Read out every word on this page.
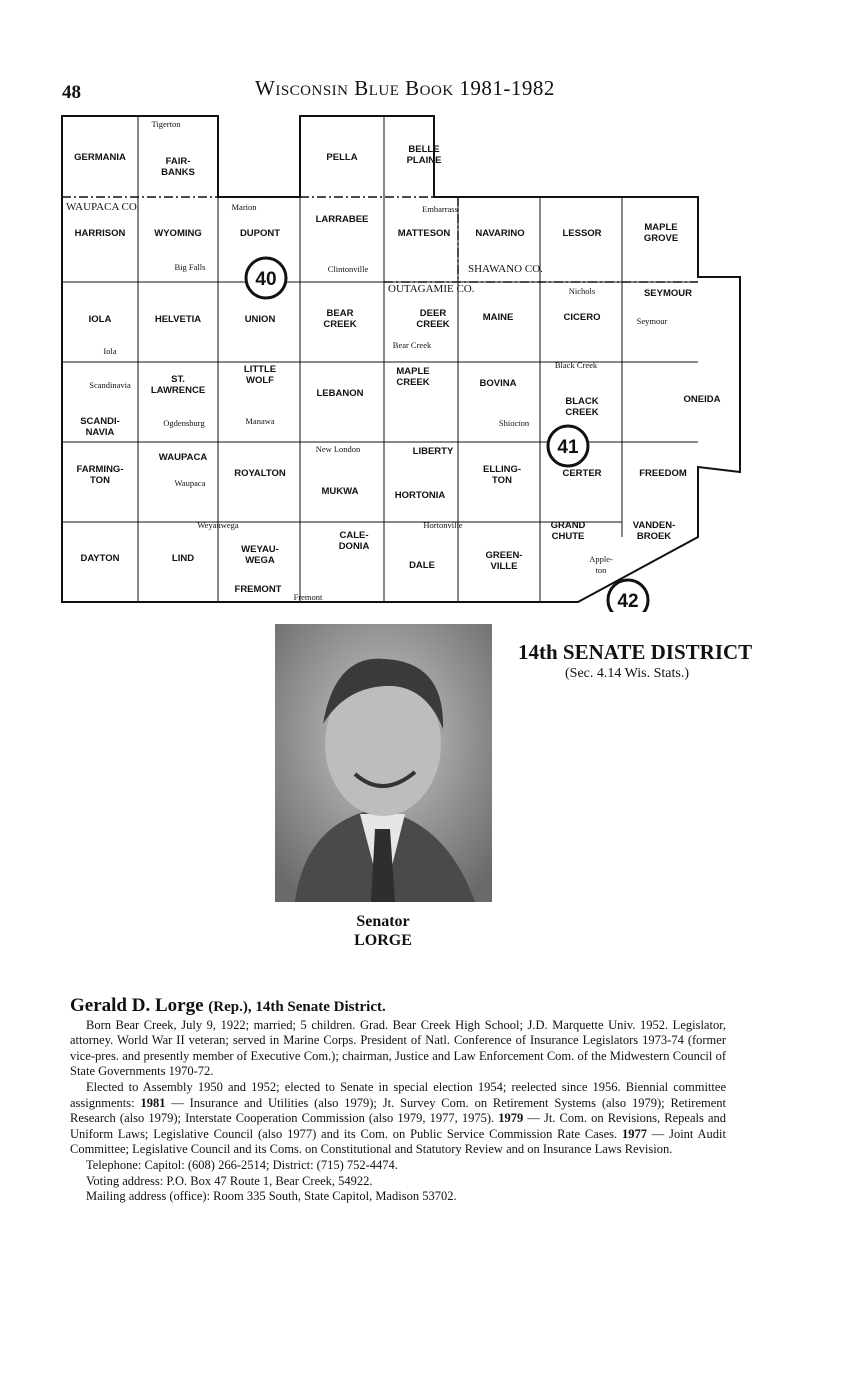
48	Wisconsin Blue Book 1981-1982
GERMANIA	FAIR-
BANKS
PELLA
BELLE
PLAINE
HARRISON	WYOMING	DUPONT
LARRABEE
MATTESON	NAVARINO	LESSOR
MAPLE
GROVE
IOLA	HELVETIA	UNION
BEAR
CREEK
DEER
CREEK
MAINE	CICERO
SEYMOUR
ST.
LAWRENCE
LITTLE
WOLF
LEBANON
MAPLE
CREEK	BOVINA
BLACK
CREEK
ONEIDA
SCANDI-
NAVIA
FARMING-
TON
WAUPACA
ROYALTON
MUKWA
LIBERTY
HORTONIA
ELLING-
TON
CERTER	FREEDOM
DAYTON	LIND
WEYAU-
WEGA
CALE-
DONIA
DALE
GREEN-
VILLE
GRAND
CHUTE
VANDEN-
BROEK
FREMONT
Tigerton
Marion	Embarrass
Big Falls	Clintonville
Nichols
Seymour
Iola
Bear Creek
Black Creek
Scandinavia
Ogdensburg	Manawa	Shiocton
New London
Waupaca
Weyauwega	Hortonville
Apple-
ton
Fremont
WAUPACA CO.
SHAWANO CO.
OUTAGAMIE CO.
40
41
42
14th SENATE DISTRICT
(Sec. 4.14 Wis. Stats.)
Senator
LORGE
Gerald D. Lorge (Rep.), 14th Senate District.

Born Bear Creek, July 9, 1922; married; 5 children. Grad. Bear Creek High School; J.D. Marquette Univ. 1952. Legislator, attorney. World War II veteran; served in Marine Corps. President of Natl. Conference of Insurance Legislators 1973-74 (former vice-pres. and presently member of Executive Com.); chairman, Justice and Law Enforcement Com. of the Midwestern Council of State Governments 1970-72.

Elected to Assembly 1950 and 1952; elected to Senate in special election 1954; reelected since 1956. Biennial committee assignments: 1981 — Insurance and Utilities (also 1979); Jt. Survey Com. on Retirement Systems (also 1979); Retirement Research (also 1979); Interstate Cooperation Commission (also 1979, 1977, 1975). 1979 — Jt. Com. on Revisions, Repeals and Uniform Laws; Legislative Council (also 1977) and its Com. on Public Service Commission Rate Cases. 1977 — Joint Audit Committee; Legislative Council and its Coms. on Constitutional and Statutory Review and on Insurance Laws Revision.

Telephone: Capitol: (608) 266-2514; District: (715) 752-4474.

Voting address: P.O. Box 47 Route 1, Bear Creek, 54922.

Mailing address (office): Room 335 South, State Capitol, Madison 53702.
